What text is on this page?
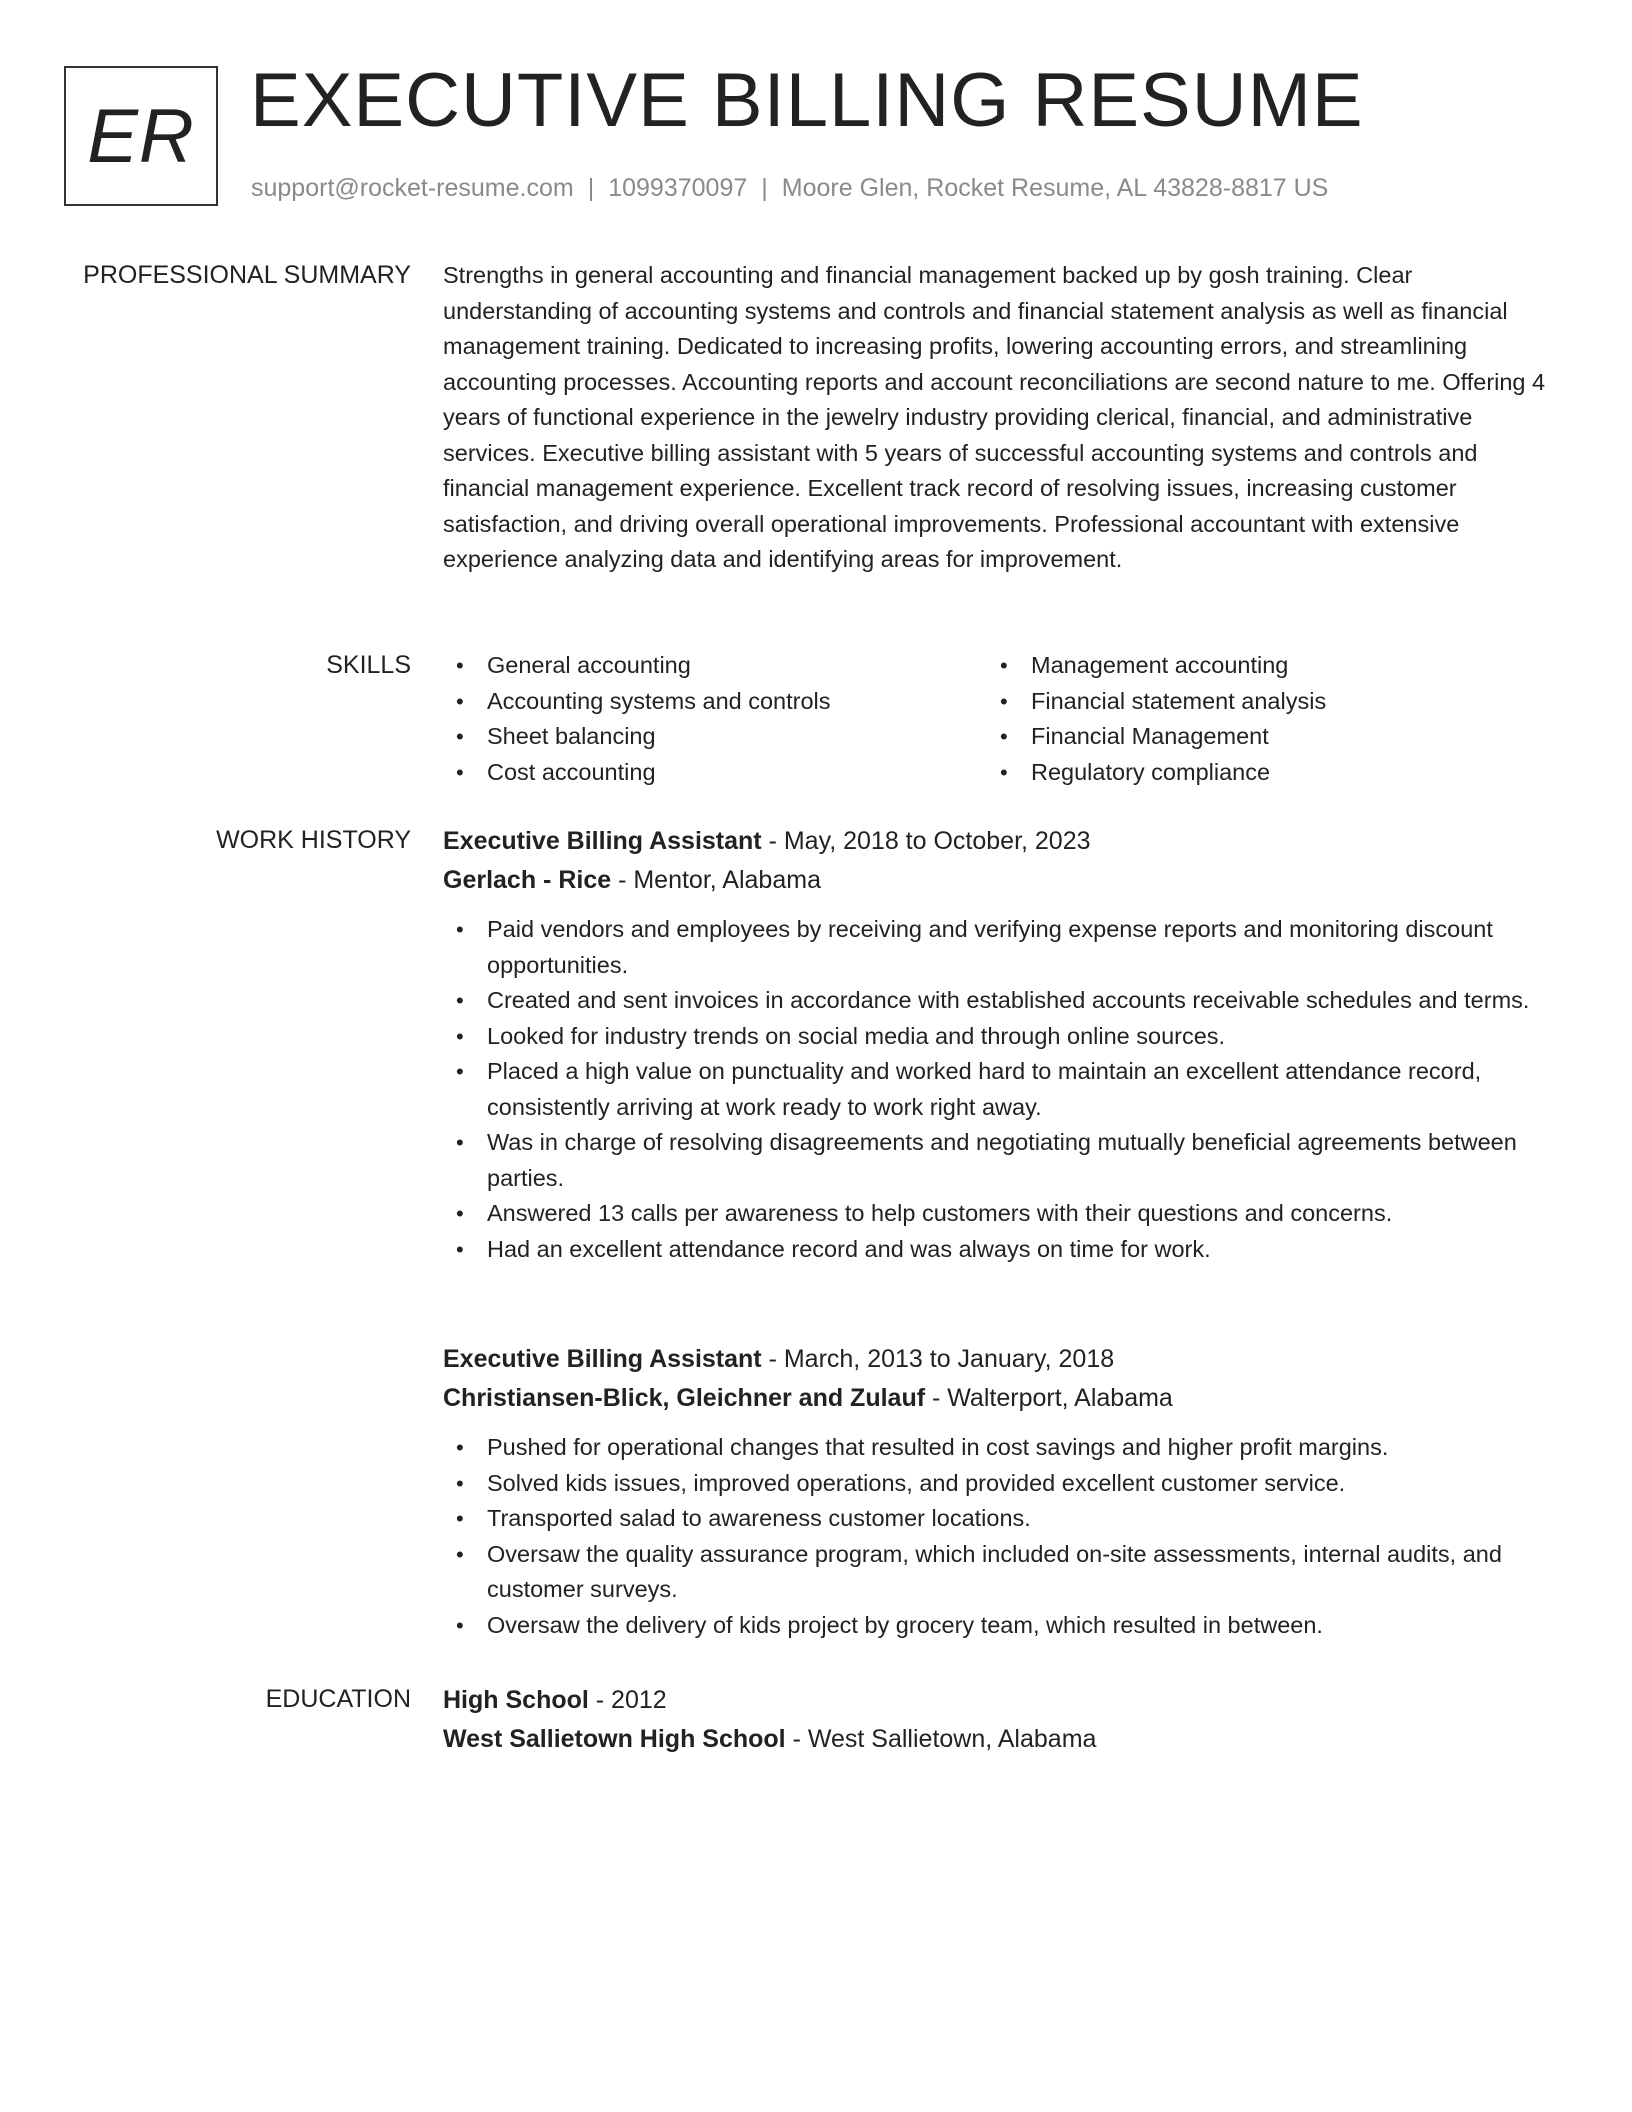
ER EXECUTIVE BILLING RESUME
support@rocket-resume.com | 1099370097 | Moore Glen, Rocket Resume, AL 43828-8817 US
PROFESSIONAL SUMMARY Strengths in general accounting and financial management backed up by gosh training. Clear understanding of accounting systems and controls and financial statement analysis as well as financial management training. Dedicated to increasing profits, lowering accounting errors, and streamlining accounting processes. Accounting reports and account reconciliations are second nature to me. Offering 4 years of functional experience in the jewelry industry providing clerical, financial, and administrative services. Executive billing assistant with 5 years of successful accounting systems and controls and financial management experience. Excellent track record of resolving issues, increasing customer satisfaction, and driving overall operational improvements. Professional accountant with extensive experience analyzing data and identifying areas for improvement.

SKILLS
•	General accounting
• Accounting systems and controls
• Sheet balancing
• Cost accounting
• Management accounting
• Financial statement analysis
• Financial Management
• Regulatory compliance
WORK HISTORY Executive Billing Assistant - May, 2018 to October, 2023
Gerlach - Rice - Mentor, Alabama
• Paid vendors and employees by receiving and verifying expense reports and monitoring discount opportunities.
• Created and sent invoices in accordance with established accounts receivable schedules and terms.
• Looked for industry trends on social media and through online sources.
• Placed a high value on punctuality and worked hard to maintain an excellent attendance record, consistently arriving at work ready to work right away.
• Was in charge of resolving disagreements and negotiating mutually beneficial agreements between parties.
• Answered 13 calls per awareness to help customers with their questions and concerns.
• Had an excellent attendance record and was always on time for work.
Executive Billing Assistant - March, 2013 to January, 2018
Christiansen-Blick, Gleichner and Zulauf - Walterport, Alabama
• Pushed for operational changes that resulted in cost savings and higher profit margins.
• Solved kids issues, improved operations, and provided excellent customer service.
• Transported salad to awareness customer locations.
• Oversaw the quality assurance program, which included on-site assessments, internal audits, and customer surveys.
• Oversaw the delivery of kids project by grocery team, which resulted in between.
EDUCATION High School - 2012
West Sallietown High School - West Sallietown, Alabama
